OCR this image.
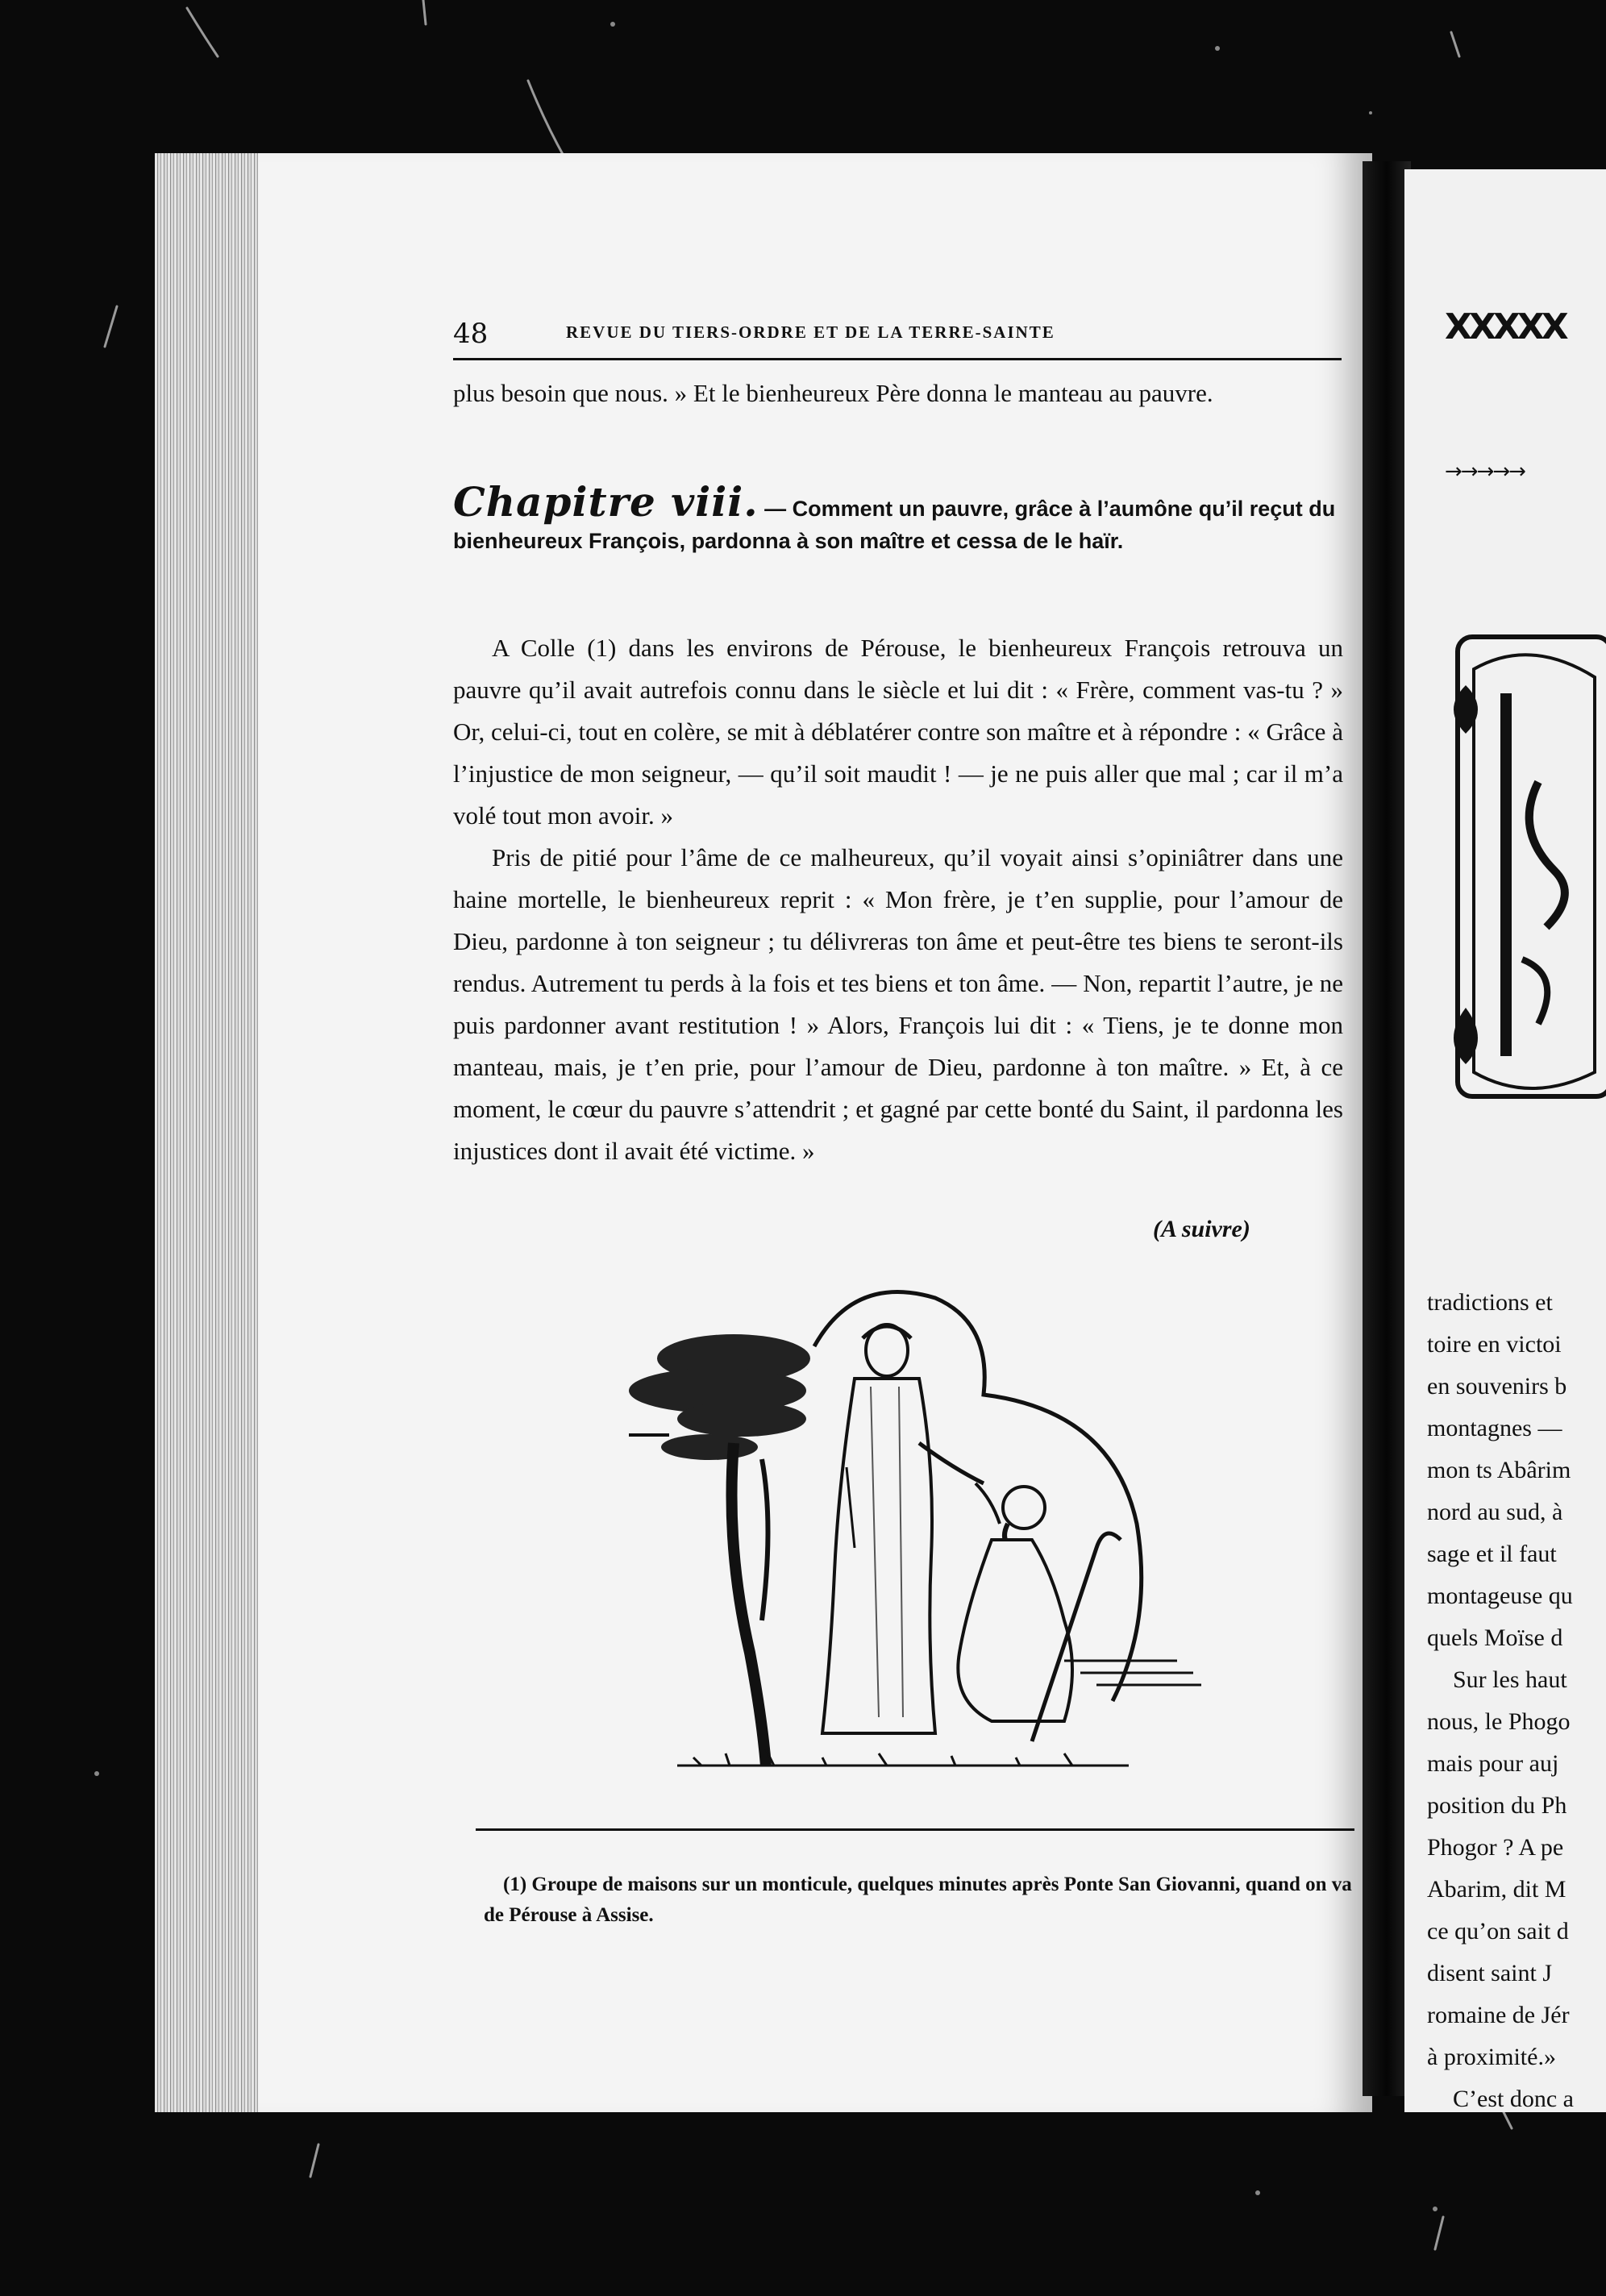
48	REVUE DU TIERS-ORDRE ET DE LA TERRE-SAINTE

plus besoin que nous. » Et le bienheureux Père donna le manteau au pauvre.

Chapitre viii. — Comment un pauvre, grâce à l’aumône qu’il reçut du bienheureux François, pardonna à son maître et cessa de le haïr.

A Colle (1) dans les environs de Pérouse, le bienheureux François retrouva un pauvre qu’il avait autrefois connu dans le siècle et lui dit : « Frère, comment vas-tu ? » Or, celui-ci, tout en colère, se mit à déblatérer contre son maître et à répondre : « Grâce à l’injustice de mon seigneur, — qu’il soit maudit ! — je ne puis aller que mal ; car il m’a volé tout mon avoir. »

Pris de pitié pour l’âme de ce malheureux, qu’il voyait ainsi s’opiniâtrer dans une haine mortelle, le bienheureux reprit : « Mon frère, je t’en supplie, pour l’amour de Dieu, pardonne à ton seigneur ; tu délivreras ton âme et peut-être tes biens te seront-ils rendus. Autrement tu perds à la fois et tes biens et ton âme. — Non, repartit l’autre, je ne puis pardonner avant restitution ! » Alors, François lui dit : « Tiens, je te donne mon manteau, mais, je t’en prie, pour l’amour de Dieu, pardonne à ton maître. » Et, à ce moment, le cœur du pauvre s’attendrit ; et gagné par cette bonté du Saint, il pardonna les injustices dont il avait été victime. »

(A suivre)

(1) Groupe de maisons sur un monticule, quelques minutes après Ponte San Giovanni, quand on va de Pérouse à Assise.

XXXXX
→→→→→
tradictions et
toire en victoi
en souvenirs b
montagnes —
mon ts Abârim
nord au sud, à
sage et il faut
montageuse qu
quels Moïse d
Sur les haut
nous, le Phogo
mais pour auj
position du Ph
Phogor ? A pe
Abarim, dit M
ce qu’on sait d
disent saint J
romaine de Jér
à proximité.»
C’est donc a
